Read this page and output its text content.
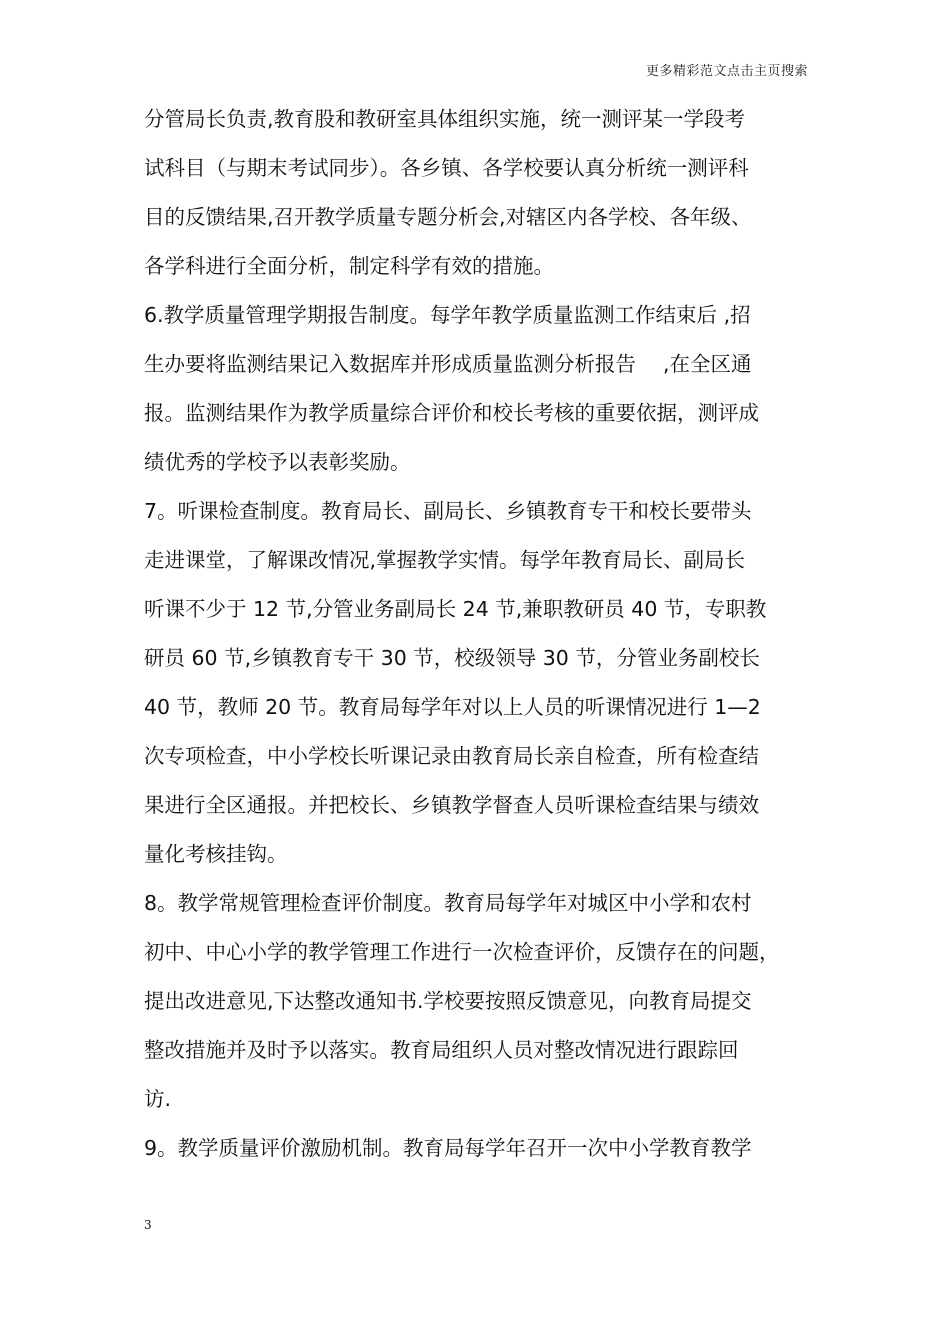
更多精彩范文点击主页搜索
分管局长负责,教育股和教研室具体组织实施，统一测评某一学段考
试科目（与期末考试同步）。各乡镇、各学校要认真分析统一测评科
目的反馈结果,召开教学质量专题分析会,对辖区内各学校、各年级、
各学科进行全面分析，制定科学有效的措施。
6.教学质量管理学期报告制度。每学年教学质量监测工作结束后 ,招
生办要将监测结果记入数据库并形成质量监测分析报告 　,在全区通
报。监测结果作为教学质量综合评价和校长考核的重要依据，测评成
绩优秀的学校予以表彰奖励。
7。听课检查制度。教育局长、副局长、乡镇教育专干和校长要带头
走进课堂，了解课改情况,掌握教学实情。每学年教育局长、副局长
听课不少于 12 节,分管业务副局长 24 节,兼职教研员 40 节，专职教
研员 60 节,乡镇教育专干 30 节，校级领导 30 节，分管业务副校长
40 节，教师 20 节。教育局每学年对以上人员的听课情况进行 1—2
次专项检查，中小学校长听课记录由教育局长亲自检查，所有检查结
果进行全区通报。并把校长、乡镇教学督查人员听课检查结果与绩效
量化考核挂钩。
8。教学常规管理检查评价制度。教育局每学年对城区中小学和农村
初中、中心小学的教学管理工作进行一次检查评价，反馈存在的问题，
提出改进意见,下达整改通知书.学校要按照反馈意见，向教育局提交
整改措施并及时予以落实。教育局组织人员对整改情况进行跟踪回
访.
9。教学质量评价激励机制。教育局每学年召开一次中小学教育教学
3
